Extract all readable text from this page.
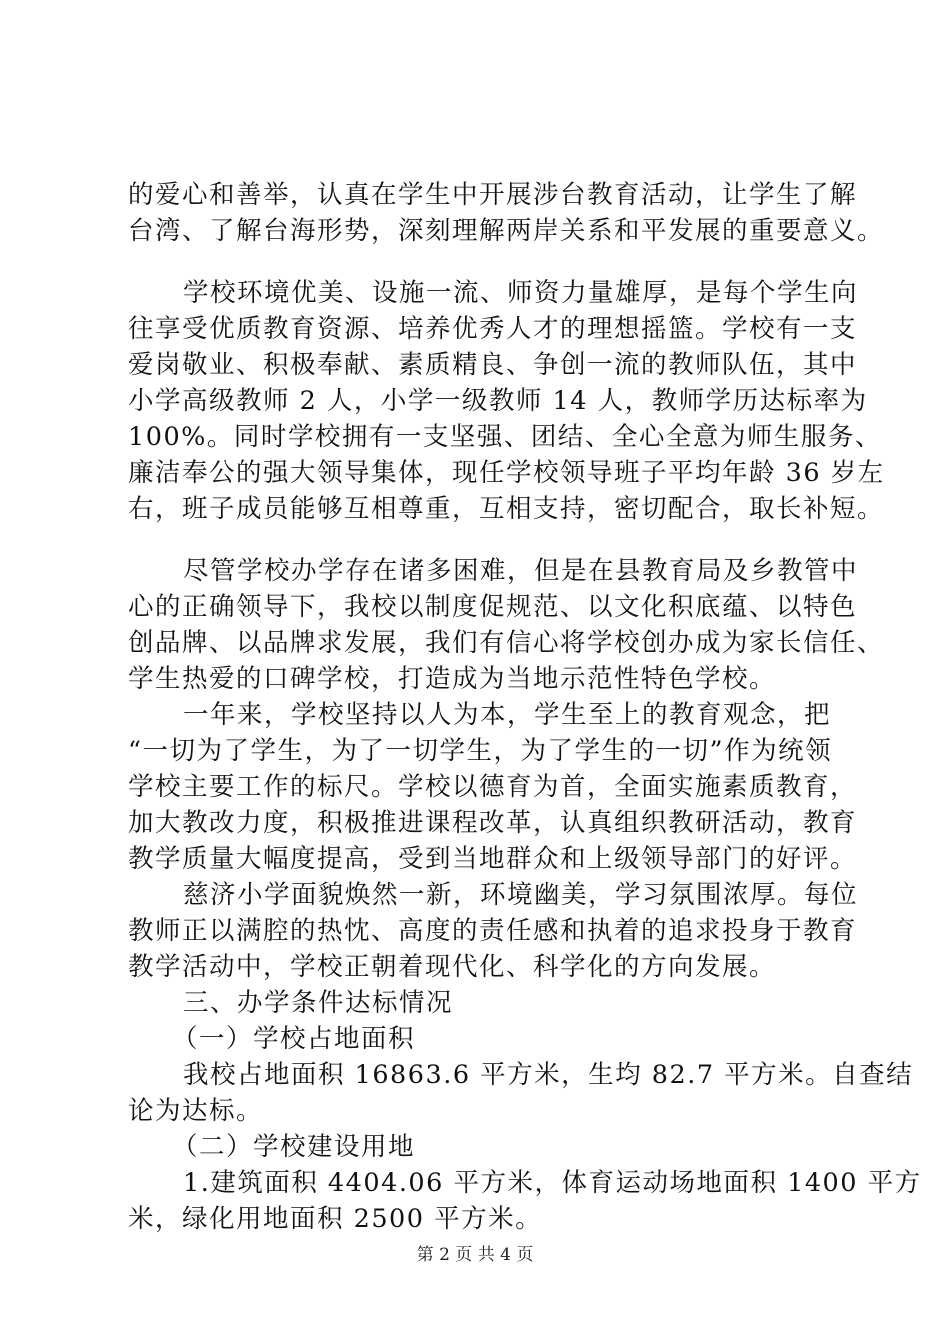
的爱心和善举，认真在学生中开展涉台教育活动，让学生了解
台湾、了解台海形势，深刻理解两岸关系和平发展的重要意义。
学校环境优美、设施一流、师资力量雄厚，是每个学生向
往享受优质教育资源、培养优秀人才的理想摇篮。学校有一支
爱岗敬业、积极奉献、素质精良、争创一流的教师队伍，其中
小学高级教师 2 人，小学一级教师 14 人，教师学历达标率为
100%。同时学校拥有一支坚强、团结、全心全意为师生服务、
廉洁奉公的强大领导集体，现任学校领导班子平均年龄 36 岁左
右，班子成员能够互相尊重，互相支持，密切配合，取长补短。
尽管学校办学存在诸多困难，但是在县教育局及乡教管中
心的正确领导下，我校以制度促规范、以文化积底蕴、以特色
创品牌、以品牌求发展，我们有信心将学校创办成为家长信任、
学生热爱的口碑学校，打造成为当地示范性特色学校。
一年来，学校坚持以人为本，学生至上的教育观念，把
“一切为了学生，为了一切学生，为了学生的一切”作为统领
学校主要工作的标尺。学校以德育为首，全面实施素质教育，
加大教改力度，积极推进课程改革，认真组织教研活动，教育
教学质量大幅度提高，受到当地群众和上级领导部门的好评。
慈济小学面貌焕然一新，环境幽美，学习氛围浓厚。每位
教师正以满腔的热忱、高度的责任感和执着的追求投身于教育
教学活动中，学校正朝着现代化、科学化的方向发展。
三、办学条件达标情况
（一）学校占地面积
我校占地面积 16863.6 平方米，生均 82.7 平方米。自查结
论为达标。
（二）学校建设用地
1.建筑面积 4404.06 平方米，体育运动场地面积 1400 平方
米，绿化用地面积 2500 平方米。
第 2 页 共 4 页
